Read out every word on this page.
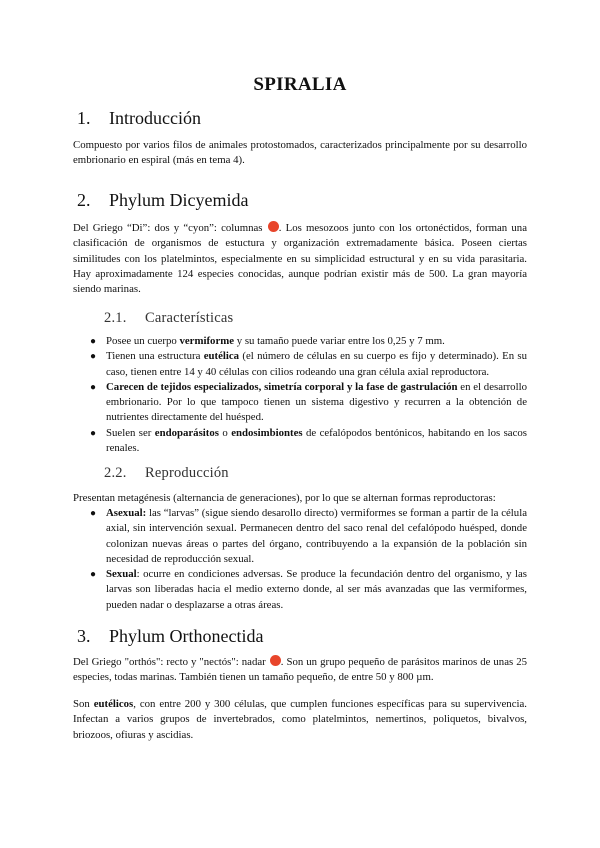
SPIRALIA
1. Introducción

Compuesto por varios filos de animales protostomados, caracterizados principalmente por su desarrollo embrionario en espiral (más en tema 4).

2. Phylum Dicyemida

Del Griego “Di”: dos y “cyon”: columnas . Los mesozoos junto con los ortonéctidos, forman una clasificación de organismos de estuctura y organización extremadamente básica. Poseen ciertas similitudes con los platelmintos, especialmente en su simplicidad estructural y en su vida parasitaria. Hay aproximadamente 124 especies conocidas, aunque podrían existir más de 500. La gran mayoría siendo marinas.

2.1. Características
● Posee un cuerpo vermiforme y su tamaño puede variar entre los 0,25 y 7 mm.
● Tienen una estructura eutélica (el número de células en su cuerpo es fijo y determinado). En su caso, tienen entre 14 y 40 células con cilios rodeando una gran célula axial reproductora.
● Carecen de tejidos especializados, simetría corporal y la fase de gastrulación en el desarrollo embrionario. Por lo que tampoco tienen un sistema digestivo y recurren a la obtención de nutrientes directamente del huésped.
● Suelen ser endoparásitos o endosimbiontes de cefalópodos bentónicos, habitando en los sacos renales.
2.2. Reproducción

Presentan metagénesis (alternancia de generaciones), por lo que se alternan formas reproductoras:

● Asexual: las “larvas” (sigue siendo desarollo directo) vermiformes se forman a partir de la célula axial, sin intervención sexual. Permanecen dentro del saco renal del cefalópodo huésped, donde colonizan nuevas áreas o partes del órgano, contribuyendo a la expansión de la población sin necesidad de reproducción sexual.
● Sexual: ocurre en condiciones adversas. Se produce la fecundación dentro del organismo, y las larvas son liberadas hacia el medio externo donde, al ser más avanzadas que las vermiformes, pueden nadar o desplazarse a otras áreas.
3. Phylum Orthonectida

Del Griego "orthós": recto y "nectós": nadar . Son un grupo pequeño de parásitos marinos de unas 25 especies, todas marinas. También tienen un tamaño pequeño, de entre 50 y 800 µm.

Son eutélicos, con entre 200 y 300 células, que cumplen funciones específicas para su supervivencia. Infectan a varios grupos de invertebrados, como platelmintos, nemertinos, poliquetos, bivalvos, briozoos, ofiuras y ascidias.
